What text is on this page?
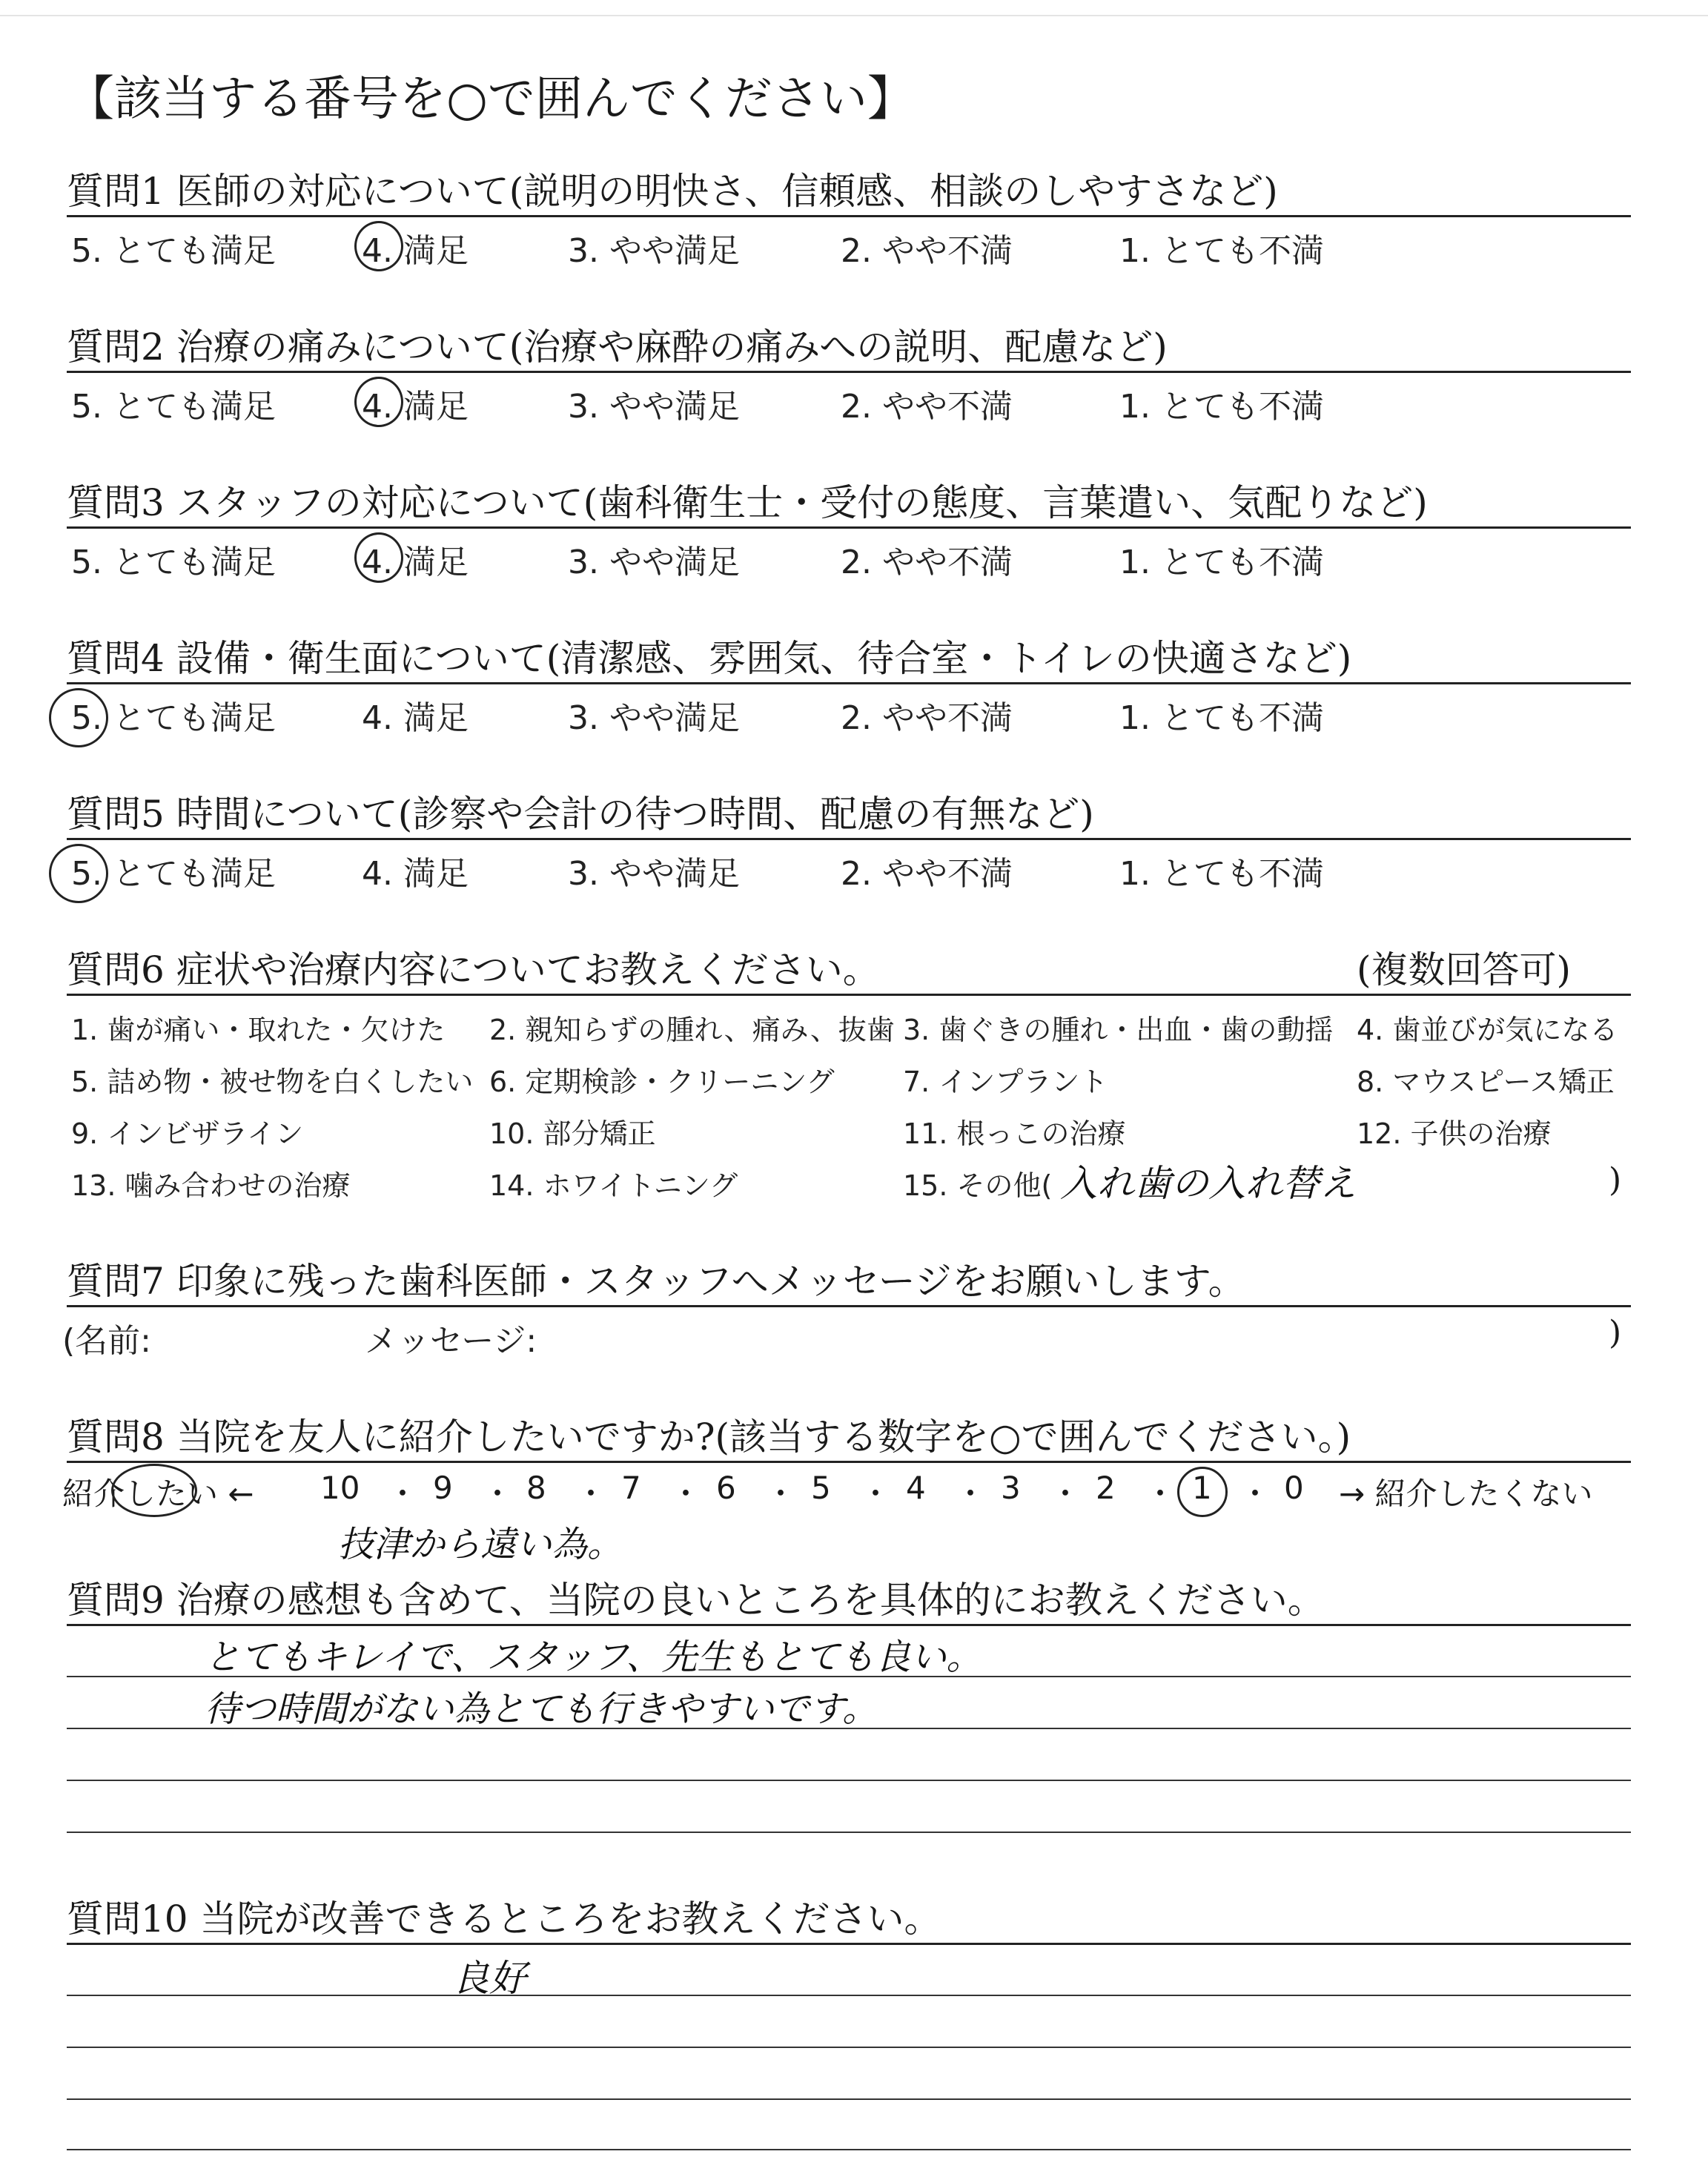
【該当する番号を○で囲んでください】
質問1 医師の対応について(説明の明快さ、信頼感、相談のしやすさなど)
5. とても満足	4. 満足	3. やや満足	2. やや不満	1. とても不満
質問2 治療の痛みについて(治療や麻酔の痛みへの説明、配慮など)
5. とても満足	4. 満足	3. やや満足	2. やや不満	1. とても不満
質問3 スタッフの対応について(歯科衛生士・受付の態度、言葉遣い、気配りなど)
5. とても満足	4. 満足	3. やや満足	2. やや不満	1. とても不満
質問4 設備・衛生面について(清潔感、雰囲気、待合室・トイレの快適さなど)
5. とても満足	4. 満足	3. やや満足	2. やや不満	1. とても不満
質問5 時間について(診察や会計の待つ時間、配慮の有無など)
5. とても満足	4. 満足	3. やや満足	2. やや不満	1. とても不満
質問6 症状や治療内容についてお教えください。	(複数回答可)
1. 歯が痛い・取れた・欠けた 2. 親知らずの腫れ、痛み、抜歯 3. 歯ぐきの腫れ・出血・歯の動揺 4. 歯並びが気になる
5. 詰め物・被せ物を白くしたい 6. 定期検診・クリーニング 7. インプラント	8. マウスピース矯正
9. インビザライン	10. 部分矯正	11. 根っこの治療	12. 子供の治療
13. 噛み合わせの治療	14. ホワイトニング	15. その他( 入れ歯の入れ替え	)
質問7 印象に残った歯科医師・スタッフへメッセージをお願いします。
(名前:	メッセージ:	)
質問8 当院を友人に紹介したいですか?(該当する数字を○で囲んでください。)
紹介したい ← 10 ・ 9 ・ 8 ・ 7 ・ 6 ・ 5 ・ 4 ・ 3 ・ 2 ・ 1 ・ 0 → 紹介したくない
技津から遠い為。
質問9 治療の感想も含めて、当院の良いところを具体的にお教えください。
とてもキレイで、スタッフ、先生もとても良い。
待つ時間がない為とても行きやすいです。
質問10 当院が改善できるところをお教えください。
良好
